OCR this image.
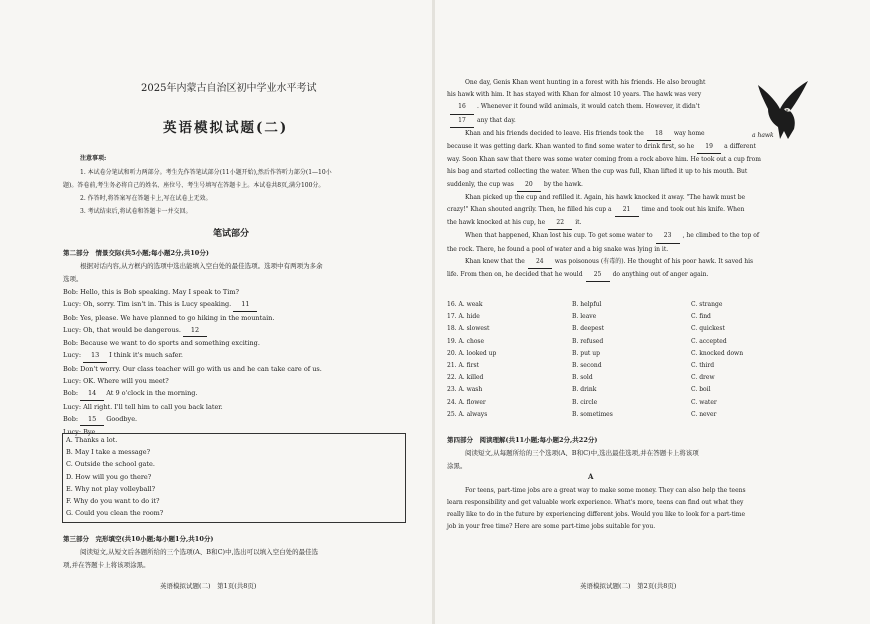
2025年内蒙古自治区初中学业水平考试
英语模拟试题(二)
注意事项:
1. 本试卷分笔试和听力两部分。考生先作答笔试部分(11小题开始),然后作答听力部分(1—10小
题)。答卷前,考生务必将自己的姓名、座位号、考生号填写在答题卡上。本试卷共8页,满分100分。
2. 作答时,将答案写在答题卡上,写在试卷上无效。
3. 考试结束后,将试卷和答题卡一并交回。
笔试部分
第二部分　情景交际(共5小题;每小题2分,共10分)
根据对话内容,从方框内的选项中选出能填入空白处的最佳选项。选项中有两项为多余
选项。
Bob: Hello, this is Bob speaking. May I speak to Tim?
Lucy: Oh, sorry. Tim isn't in. This is Lucy speaking. 11
Bob: Yes, please. We have planned to go hiking in the mountain.
Lucy: Oh, that would be dangerous. 12
Bob: Because we want to do sports and something exciting.
Lucy: 13 I think it's much safer.
Bob: Don't worry. Our class teacher will go with us and he can take care of us.
Lucy: OK. Where will you meet?
Bob: 14 At 9 o'clock in the morning.
Lucy: All right. I'll tell him to call you back later.
Bob: 15 Goodbye.
Lucy: Bye.
A. Thanks a lot.
B. May I take a message?
C. Outside the school gate.
D. How will you go there?
E. Why not play volleyball?
F. Why do you want to do it?
G. Could you clean the room?
第三部分　完形填空(共10小题;每小题1分,共10分)
阅读短文,从短文后各题所给的三个选项(A、B和C)中,选出可以填入空白处的最佳选
项,并在答题卡上将该项涂黑。
英语模拟试题(二)　第1页(共8页)
One day, Genis Khan went hunting in a forest with his friends. He also brought
his hawk with him. It has stayed with Khan for almost 10 years. The hawk was very
16 . Whenever it found wild animals, it would catch them. However, it didn't
17 any that day.
Khan and his friends decided to leave. His friends took the 18 way home
because it was getting dark. Khan wanted to find some water to drink first, so he 19 a different
way. Soon Khan saw that there was some water coming from a rock above him. He took out a cup from
his bag and started collecting the water. When the cup was full, Khan lifted it up to his mouth. But
suddenly, the cup was 20 by the hawk.
Khan picked up the cup and refilled it. Again, his hawk knocked it away. "The hawk must be
crazy!" Khan shouted angrily. Then, he filled his cup a 21 time and took out his knife. When
the hawk knocked at his cup, he 22 it.
When that happened, Khan lost his cup. To get some water to 23 , he climbed to the top of
the rock. There, he found a pool of water and a big snake was lying in it.
Khan knew that the 24 was poisonous (有毒的). He thought of his poor hawk. It saved his
life. From then on, he decided that he would 25 do anything out of anger again.
16. A. weak
17. A. hide
18. A. slowest
19. A. chose
20. A. looked up
21. A. first
22. A. killed
23. A. wash
24. A. flower
25. A. always
B. helpful
B. leave
B. deepest
B. refused
B. put up
B. second
B. sold
B. drink
B. circle
B. sometimes
C. strange
C. find
C. quickest
C. accepted
C. knocked down
C. third
C. drew
C. boil
C. water
C. never
第四部分　阅读理解(共11小题;每小题2分,共22分)
阅读短文,从每题所给的三个选项(A、B和C)中,选出最佳选项,并在答题卡上将该项
涂黑。
A
For teens, part-time jobs are a great way to make some money. They can also help the teens
learn responsibility and get valuable work experience. What's more, teens can find out what they
really like to do in the future by experiencing different jobs. Would you like to look for a part-time
job in your free time? Here are some part-time jobs suitable for you.
英语模拟试题(二)　第2页(共8页)
a hawk
